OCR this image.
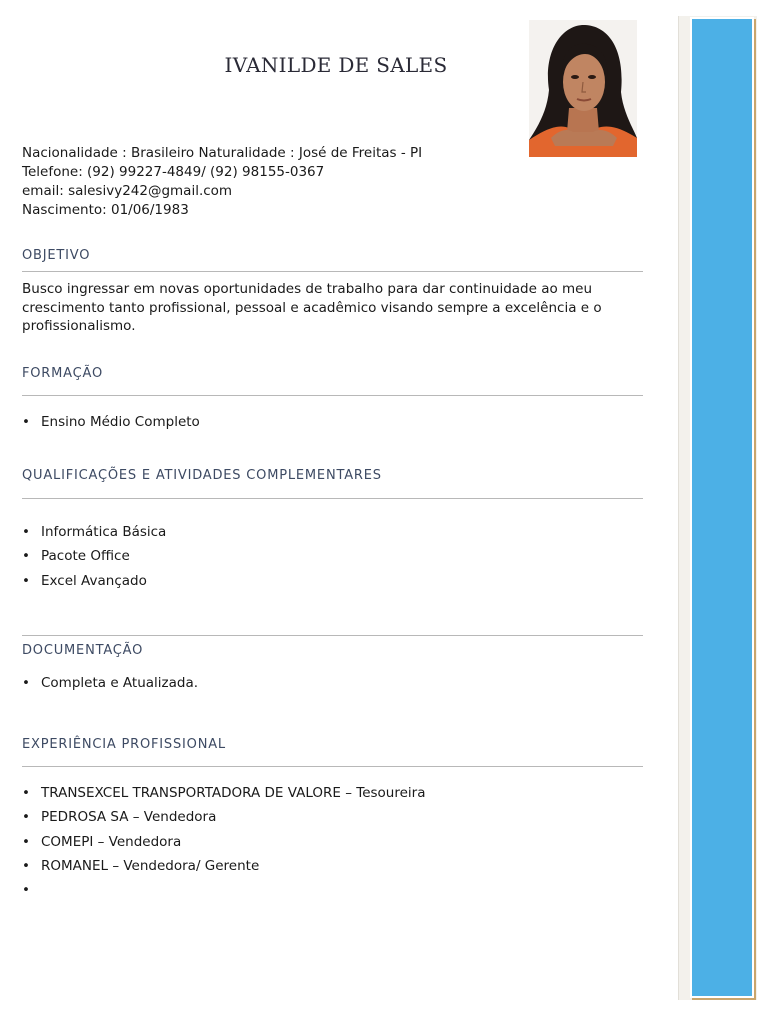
IVANILDE DE SALES
Nacionalidade : Brasileiro Naturalidade : José de Freitas - PI
Telefone: (92) 99227-4849/ (92) 98155-0367
email: salesivy242@gmail.com
Nascimento: 01/06/1983
OBJETIVO
Busco ingressar em novas oportunidades de trabalho para dar continuidade ao meu crescimento tanto profissional, pessoal e acadêmico visando sempre a excelência e o profissionalismo.
FORMAÇÃO
• Ensino Médio Completo
QUALIFICAÇÕES E ATIVIDADES COMPLEMENTARES
• Informática Básica
• Pacote Office
• Excel Avançado
DOCUMENTAÇÃO
• Completa e Atualizada.
EXPERIÊNCIA PROFISSIONAL
• TRANSEXCEL TRANSPORTADORA DE VALORE – Tesoureira
• PEDROSA SA – Vendedora
• COMEPI – Vendedora
• ROMANEL – Vendedora/ Gerente
•
